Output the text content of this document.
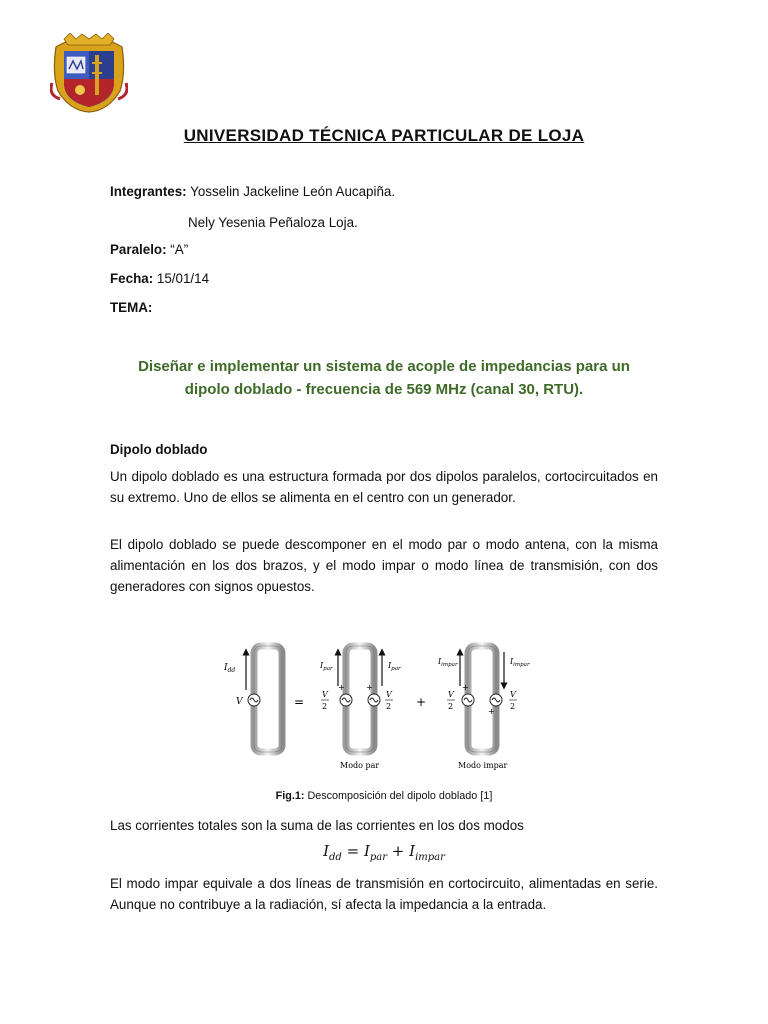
UNIVERSIDAD TÉCNICA PARTICULAR DE LOJA
Integrantes: Yosselin Jackeline León Aucapiña.
Nely Yesenia Peñaloza Loja.
Paralelo: “A”
Fecha: 15/01/14
TEMA:
Diseñar e implementar un sistema de acople de impedancias para un
dipolo doblado - frecuencia de 569 MHz (canal 30, RTU).
Dipolo doblado
Un dipolo doblado es una estructura formada por dos dipolos paralelos, cortocircuitados en su extremo. Uno de ellos se alimenta en el centro con un generador.
El dipolo doblado se puede descomponer en el modo par o modo antena, con la misma alimentación en los dos brazos, y el modo impar o modo línea de transmisión, con dos generadores con signos opuestos.
$I_{dd}$
V	=
$I_{par}$	$I_{par}$
+	+
V
2
V
2 +
$I_{impar}$	$I_{impar}$
+
+
V
2
V
2
Modo par	Modo impar
Fig.1: Descomposición del dipolo doblado [1]
Las corrientes totales son la suma de las corrientes en los dos modos
$I_{dd} = I_{par} + I_{impar}$
El modo impar equivale a dos líneas de transmisión en cortocircuito, alimentadas en serie. Aunque no contribuye a la radiación, sí afecta la impedancia a la entrada.
